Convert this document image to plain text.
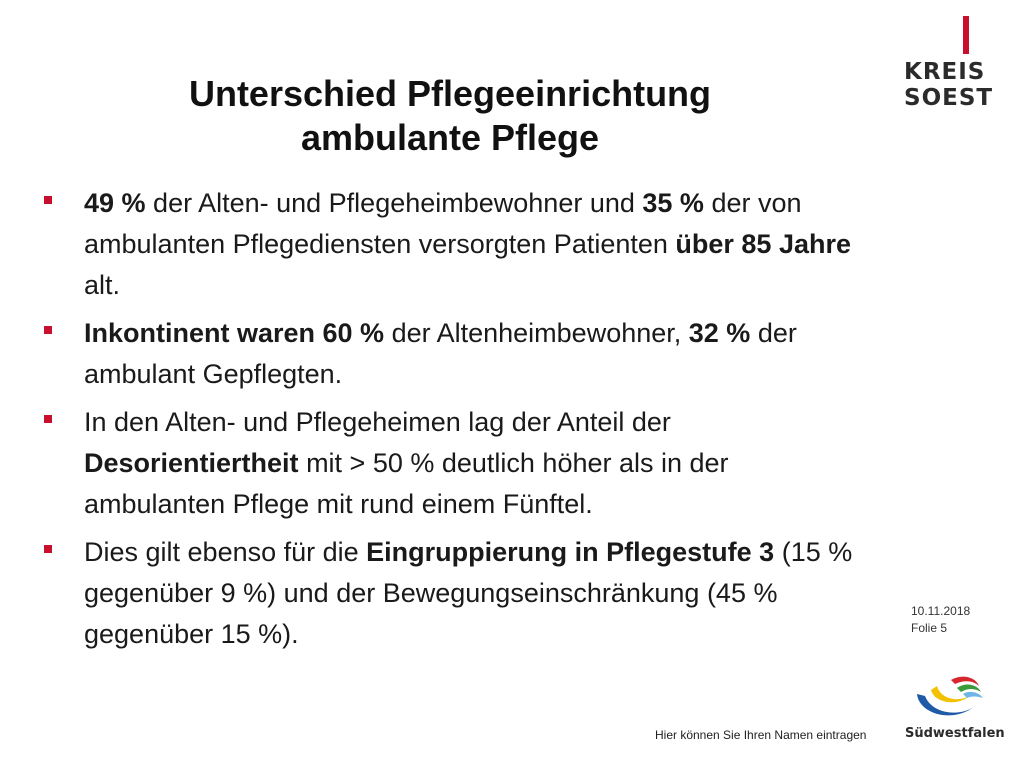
Unterschied Pflegeeinrichtung
ambulante Pflege
KREIS
SOEST
49 % der Alten- und Pflegeheimbewohner und 35 % der von ambulanten Pflegediensten versorgten Patienten über 85 Jahre alt.
Inkontinent waren 60 % der Altenheimbewohner, 32 % der ambulant Gepflegten.
In den Alten- und Pflegeheimen lag der Anteil der Desorientiertheit mit > 50 % deutlich höher als in der ambulanten Pflege mit rund einem Fünftel.
Dies gilt ebenso für die Eingruppierung in Pflegestufe 3 (15 % gegenüber 9 %) und der Bewegungseinschränkung (45 % gegenüber 15 %).
10.11.2018
Folie 5
Hier können Sie Ihren Namen eintragen	Südwestfalen
